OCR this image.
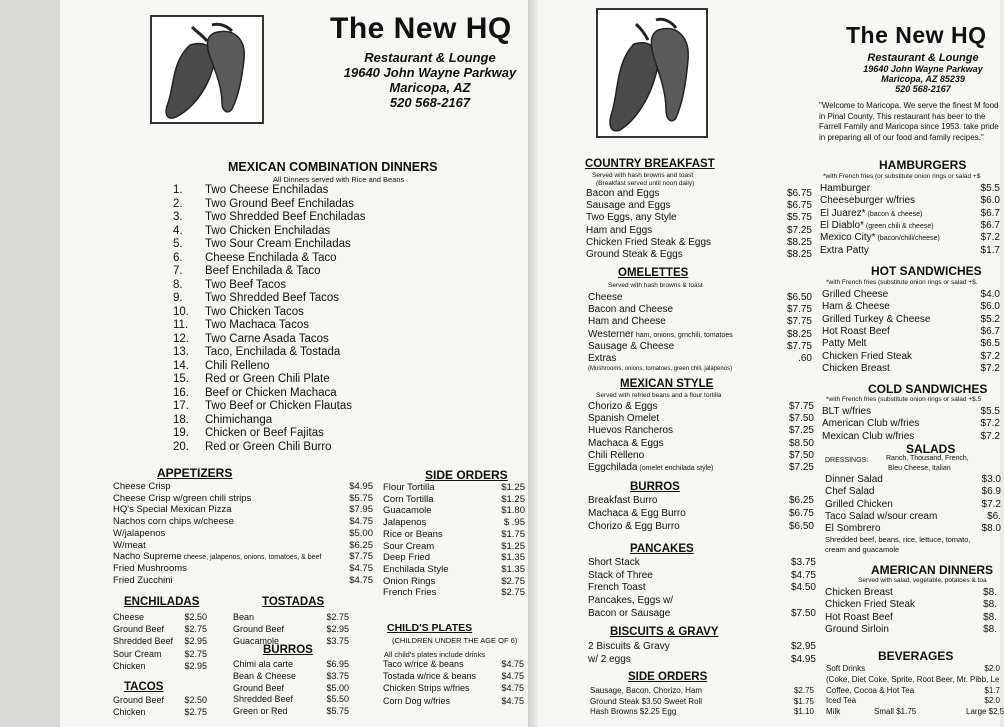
The New HQ
Restaurant & Lounge
19640 John Wayne Parkway
Maricopa, AZ
520 568-2167
MEXICAN COMBINATION DINNERS
All Dinners served with Rice and Beans
1. Two Cheese Enchiladas
2. Two Ground Beef Enchiladas
3. Two Shredded Beef Enchiladas
4. Two Chicken Enchiladas
5. Two Sour Cream Enchiladas
6. Cheese Enchilada & Taco
7. Beef Enchilada & Taco
8. Two Beef Tacos
9. Two Shredded Beef Tacos
10. Two Chicken Tacos
11. Two Machaca Tacos
12. Two Carne Asada Tacos
13. Taco, Enchilada & Tostada
14. Chili Relleno
15. Red or Green Chili Plate
16. Beef or Chicken Machaca
17. Two Beef or Chicken Flautas
18. Chimichanga
19. Chicken or Beef Fajitas
20. Red or Green Chili Burro
APPETIZERS
Cheese Crisp	$4.95
Cheese Crisp w/green chili strips	$5.75
HQ's Special Mexican Pizza	$7.95
Nachos corn chips w/cheese	$4.75
W/jalapenos	$5.00
W/meat	$6.25
Nacho Supreme cheese, jalapenos, onions, tomatoes, & beef	$7.75
Fried Mushrooms	$4.75
Fried Zucchini	$4.75
SIDE ORDERS
Flour Tortilla	$1.25
Corn Tortilla	$1.25
Guacamole	$1.80
Jalapenos	$ .95
Rice or Beans	$1.75
Sour Cream	$1.25
Deep Fried	$1.35
Enchilada Style	$1.35
Onion Rings	$2.75
French Fries	$2.75
ENCHILADAS
Cheese	$2.50
Ground Beef	$2.75
Shredded Beef	$2.95
Sour Cream	$2.75
Chicken	$2.95
TACOS
Ground Beef	$2.50
Chicken	$2.75
TOSTADAS
Bean	$2.75
Ground Beef	$2.95
Guacamole	$3.75
BURROS
Chimi ala carte	$6.95
Bean & Cheese	$3.75
Ground Beef	$5.00
Shredded Beef	$5.50
Green or Red	$5.75
CHILD'S PLATES
(CHILDREN UNDER THE AGE OF 6)
All child's plates include drinks
Taco w/rice & beans	$4.75
Tostada w/rice & beans	$4.75
Chicken Strips w/fries	$4.75
Corn Dog w/fries	$4.75
The New HQ
Restaurant & Lounge
19640 John Wayne Parkway
Maricopa, AZ 85239
520 568-2167
"Welcome to Maricopa. We serve the finest M food in Pinal County. This restaurant has beer to the Farrell Family and Maricopa since 1953. take pride in preparing all of our food and family recipes."
COUNTRY BREAKFAST
Served with hash browns and toast
(Breakfast served until noon daily)
Bacon and Eggs	$6.75
Sausage and Eggs	$6.75
Two Eggs, any Style	$5.75
Ham and Eggs	$7.25
Chicken Fried Steak & Eggs	$8.25
Ground Steak & Eggs	$8.25
OMELETTES
Served with hash browns & toast
Cheese	$6.50
Bacon and Cheese	$7.75
Ham and Cheese	$7.75
Westerner ham, onions, grnchili, tomatoes	$8.25
Sausage & Cheese	$7.75
Extras	.60
(Mushrooms, onions, tomatoes, green chili, jalapenos)
MEXICAN STYLE
Served with refried beans and a flour tortilla
Chorizo & Eggs	$7.75
Spanish Omelet	$7.50
Huevos Rancheros	$7.25
Machaca & Eggs	$8.50
Chili Relleno	$7.50
Eggchilada (omelet enchilada style)	$7.25
BURROS
Breakfast Burro	$6.25
Machaca & Egg Burro	$6.75
Chorizo & Egg Burro	$6.50
PANCAKES
Short Stack	$3.75
Stack of Three	$4.75
French Toast	$4.50
Pancakes, Eggs w/
Bacon or Sausage	$7.50
BISCUITS & GRAVY
2 Biscuits & Gravy	$2.95
w/ 2 eggs	$4.95
SIDE ORDERS
Sausage, Bacon, Chorizo, Ham	$2.75
Ground Steak $3.50 Sweet Roll	$1.75
Hash Browns $2.25 Egg	$1.10
HAMBURGERS
*with French fries (or substitute onion rings or salad +$
Hamburger	$5.5
Cheeseburger w/fries	$6.0
El Juarez* (bacon & cheese)	$6.7
El Diablo* (green chili & cheese)	$6.7
Mexico City* (bacon/chili/cheese)	$7.2
Extra Patty	$1.7
HOT SANDWICHES
*with French fries (substitute onion rings or salad +$.
Grilled Cheese	$4.0
Ham & Cheese	$6.0
Grilled Turkey & Cheese	$5.2
Hot Roast Beef	$6.7
Patty Melt	$6.5
Chicken Fried Steak	$7.2
Chicken Breast	$7.2
COLD SANDWICHES
*with French fries (substitute onion rings or salad +$.5
BLT w/fries	$5.5
American Club w/fries	$7.2
Mexican Club w/fries	$7.2
DRESSINGS:	Ranch, Thousand, French,
Bleu Cheese, Italian
SALADS
Dinner Salad	$3.0
Chef Salad	$6.9
Grilled Chicken	$7.2
Taco Salad w/sour cream	$6.
El Sombrero	$8.0
Shredded beef, beans, rice, lettuce, tomato,
cream and guacamole
AMERICAN DINNERS
Served with salad, vegetable, potatoes & toa
Chicken Breast	$8.
Chicken Fried Steak	$8.
Hot Roast Beef	$8.
Ground Sirloin	$8.
BEVERAGES
Soft Drinks	$2.0
(Coke, Diet Coke, Sprite, Root Beer, Mr. Pibb, Le
Coffee, Cocoa & Hot Tea	$1.7
Iced Tea	$2.0
Milk	Small $1.75	Large $2.5
